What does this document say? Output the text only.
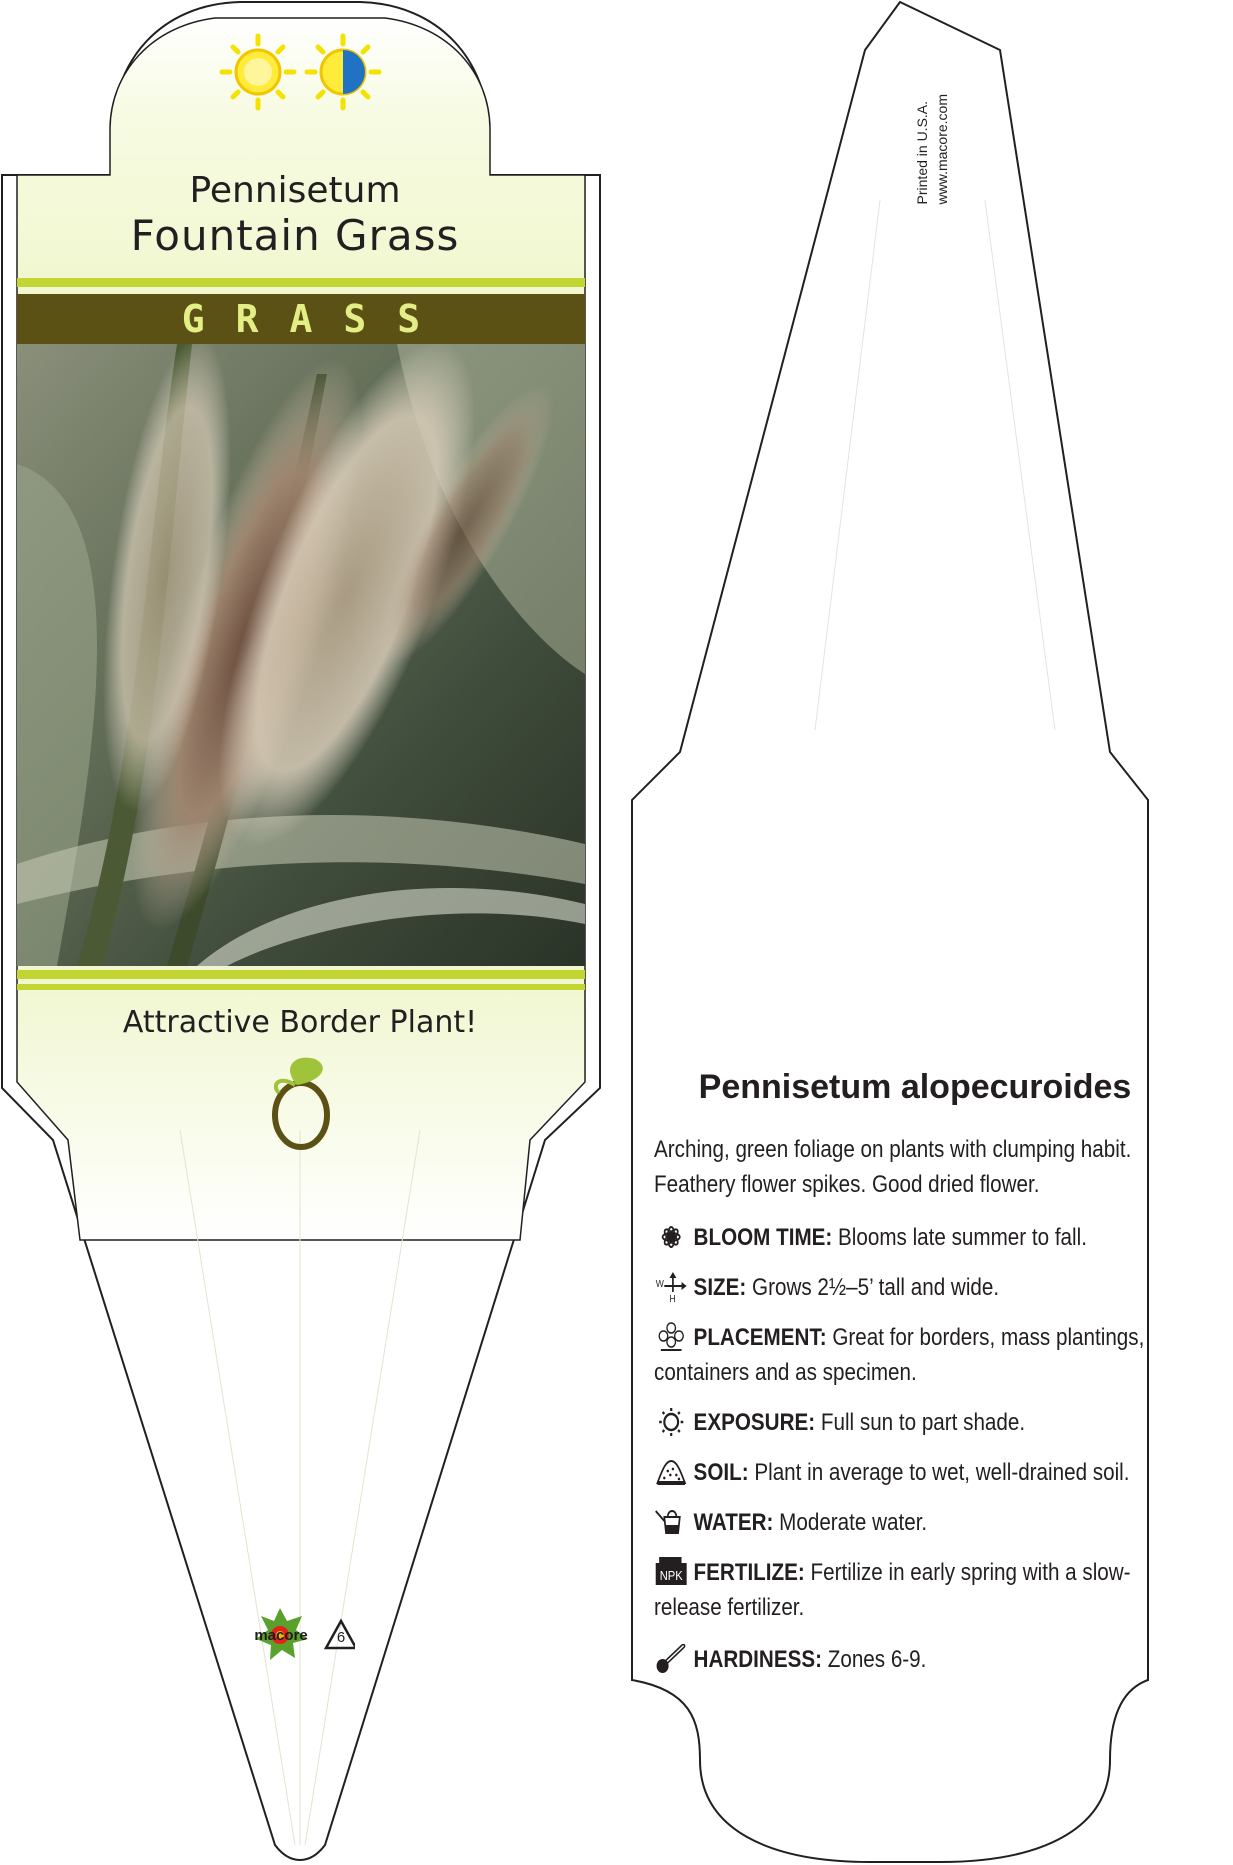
Pennisetum
Fountain Grass
GRASS
Attractive Border Plant!
macore	6
Printed in U.S.A. www.macore.com
Pennisetum alopecuroides
Arching, green foliage on plants with clumping habit. Feathery flower spikes. Good dried flower.
BLOOM TIME: Blooms late summer to fall.
W
H SIZE: Grows 2½–5’ tall and wide.
PLACEMENT: Great for borders, mass plantings, containers and as specimen.
EXPOSURE: Full sun to part shade.
SOIL: Plant in average to wet, well-drained soil.
WATER: Moderate water.
NPK FERTILIZE: Fertilize in early spring with a slow-release fertilizer.
HARDINESS: Zones 6-9.
